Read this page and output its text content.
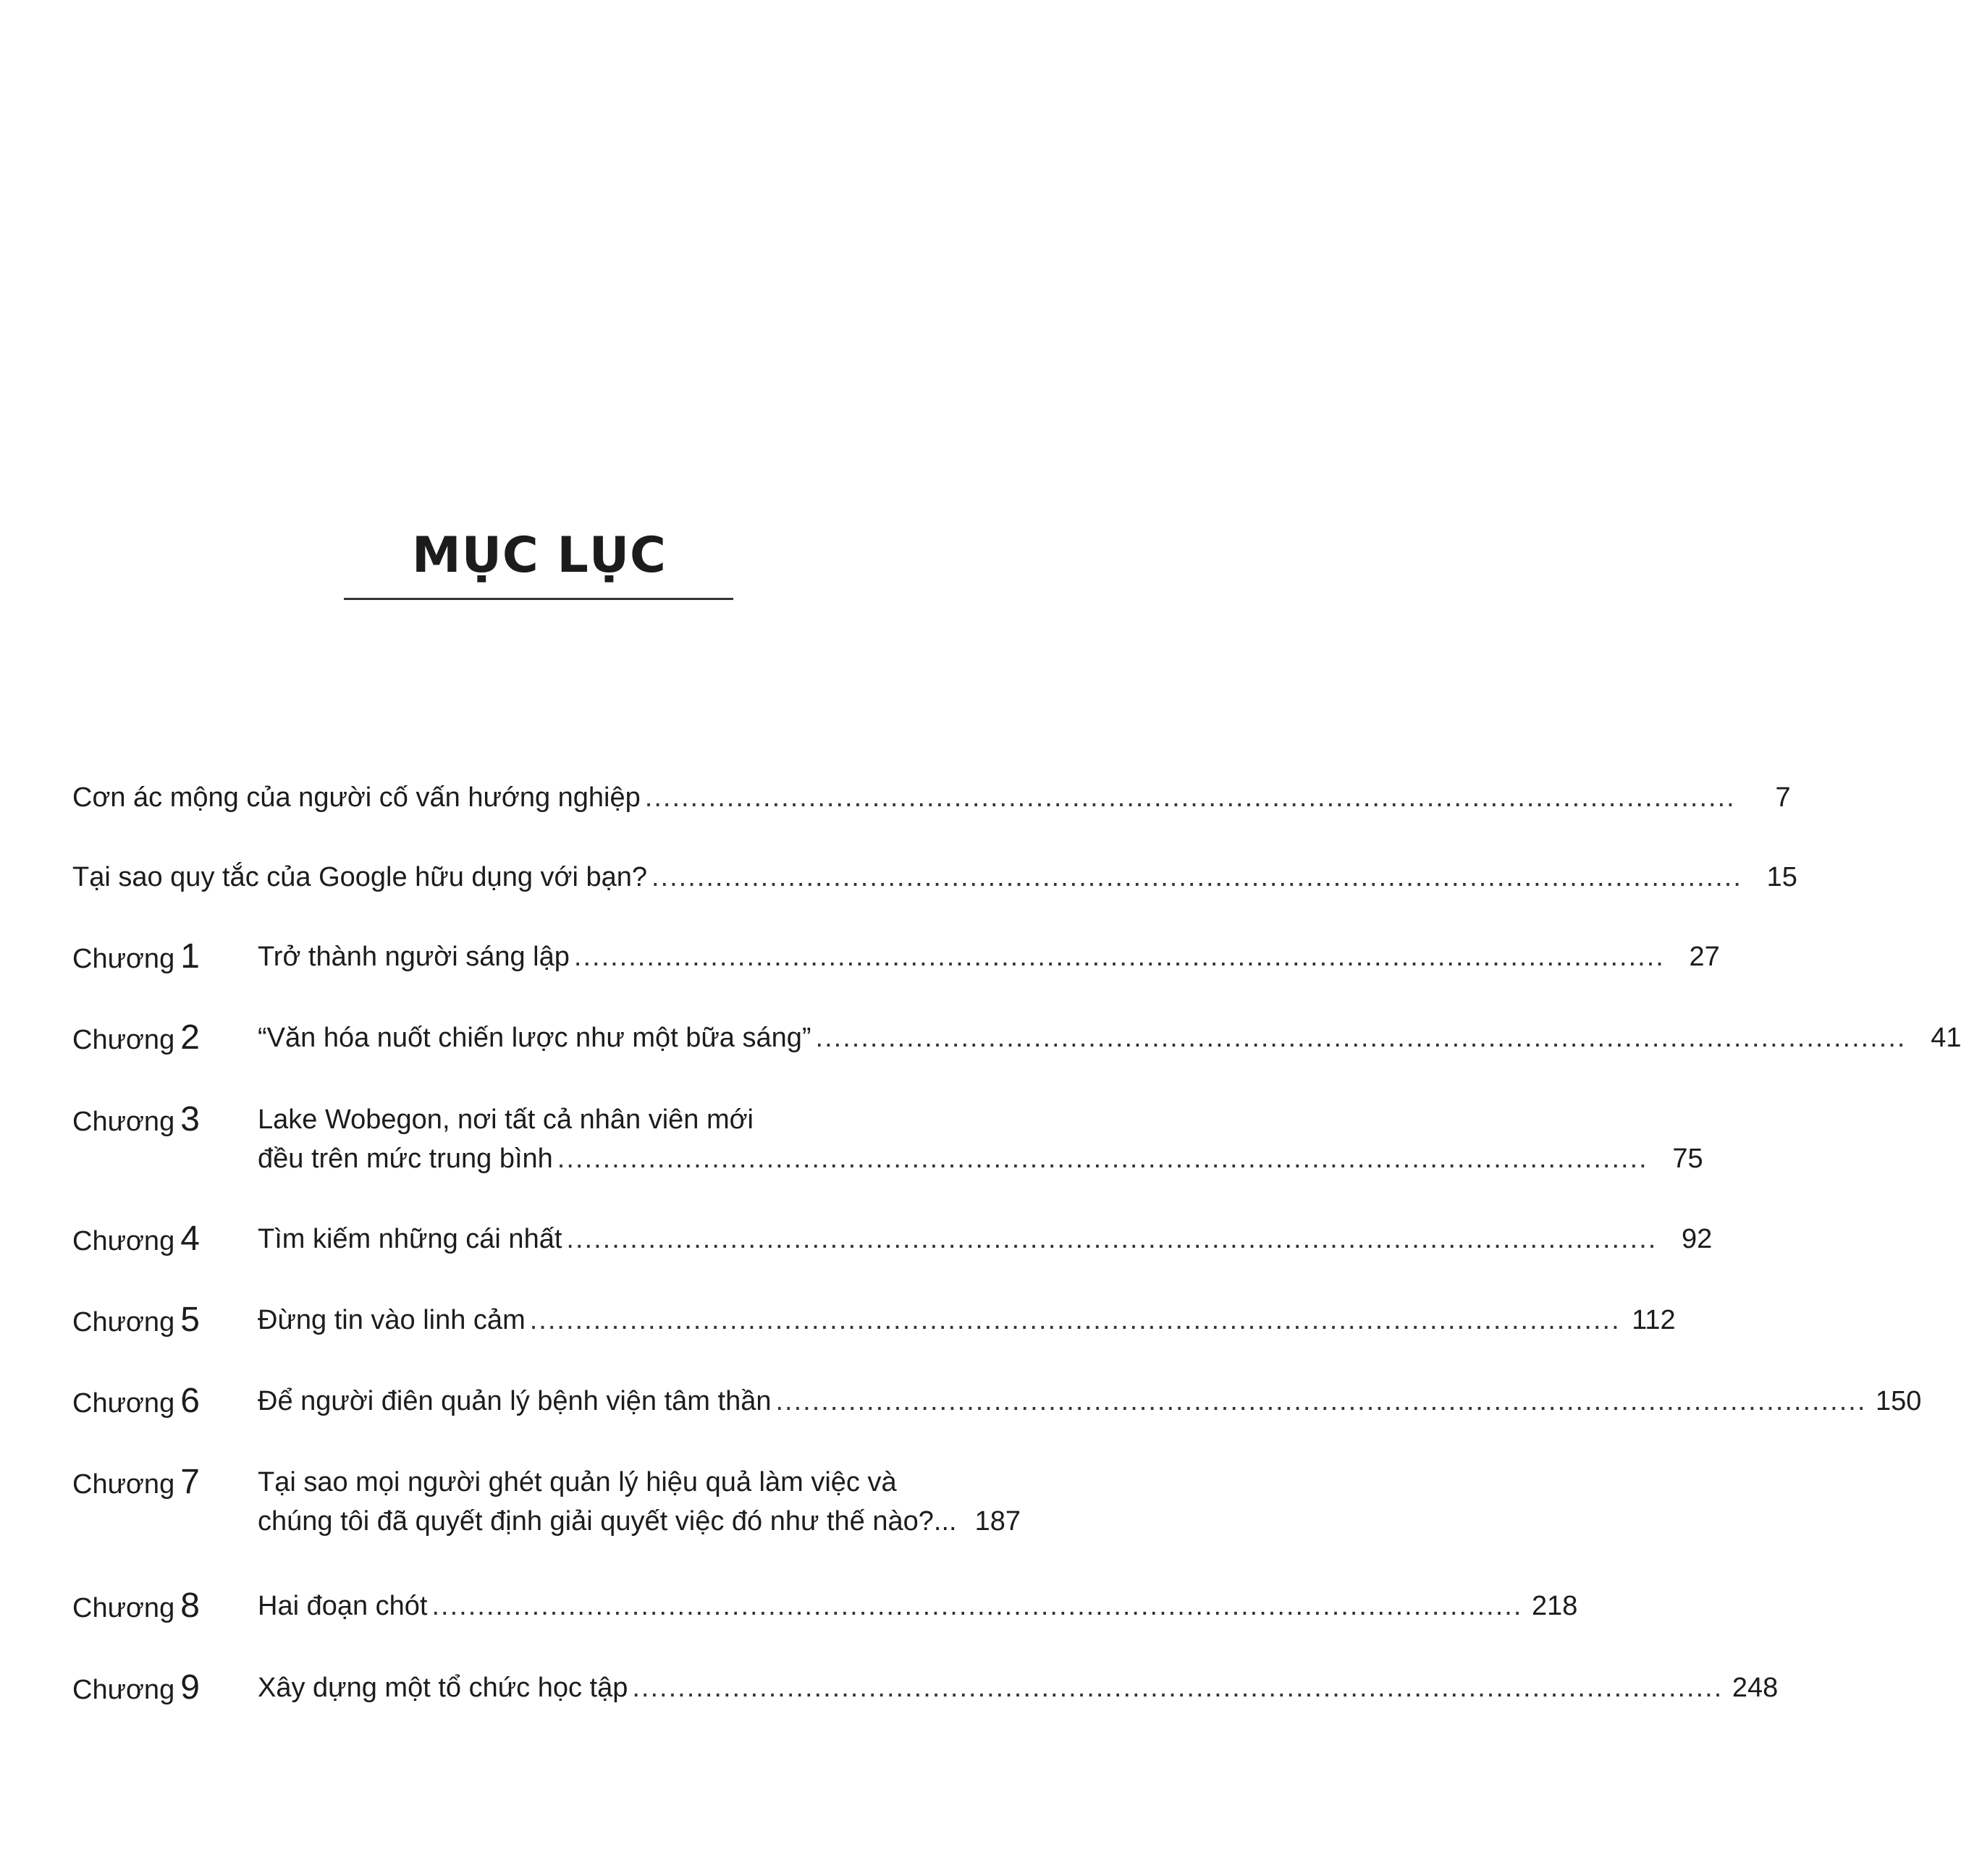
MỤC LỤC
Cơn ác mộng của người cố vấn hướng nghiệp ........................................................................................................................	7
Tại sao quy tắc của Google hữu dụng với bạn? ........................................................................................................................ 15
Chương 1 Trở thành người sáng lập ........................................................................................................................ 27
Chương 2 “Văn hóa nuốt chiến lược như một bữa sáng” ........................................................................................................................ 41
Chương 3 Lake Wobegon, nơi tất cả nhân viên mới
đều trên mức trung bình ........................................................................................................................ 75
Chương 4 Tìm kiếm những cái nhất ........................................................................................................................ 92
Chương 5 Đừng tin vào linh cảm ........................................................................................................................ 112
Chương 6 Để người điên quản lý bệnh viện tâm thần ........................................................................................................................ 150
Chương 7 Tại sao mọi người ghét quản lý hiệu quả làm việc và
chúng tôi đã quyết định giải quyết việc đó như thế nào?... 187
Chương 8 Hai đoạn chót ........................................................................................................................ 218
Chương 9 Xây dựng một tổ chức học tập ........................................................................................................................ 248
